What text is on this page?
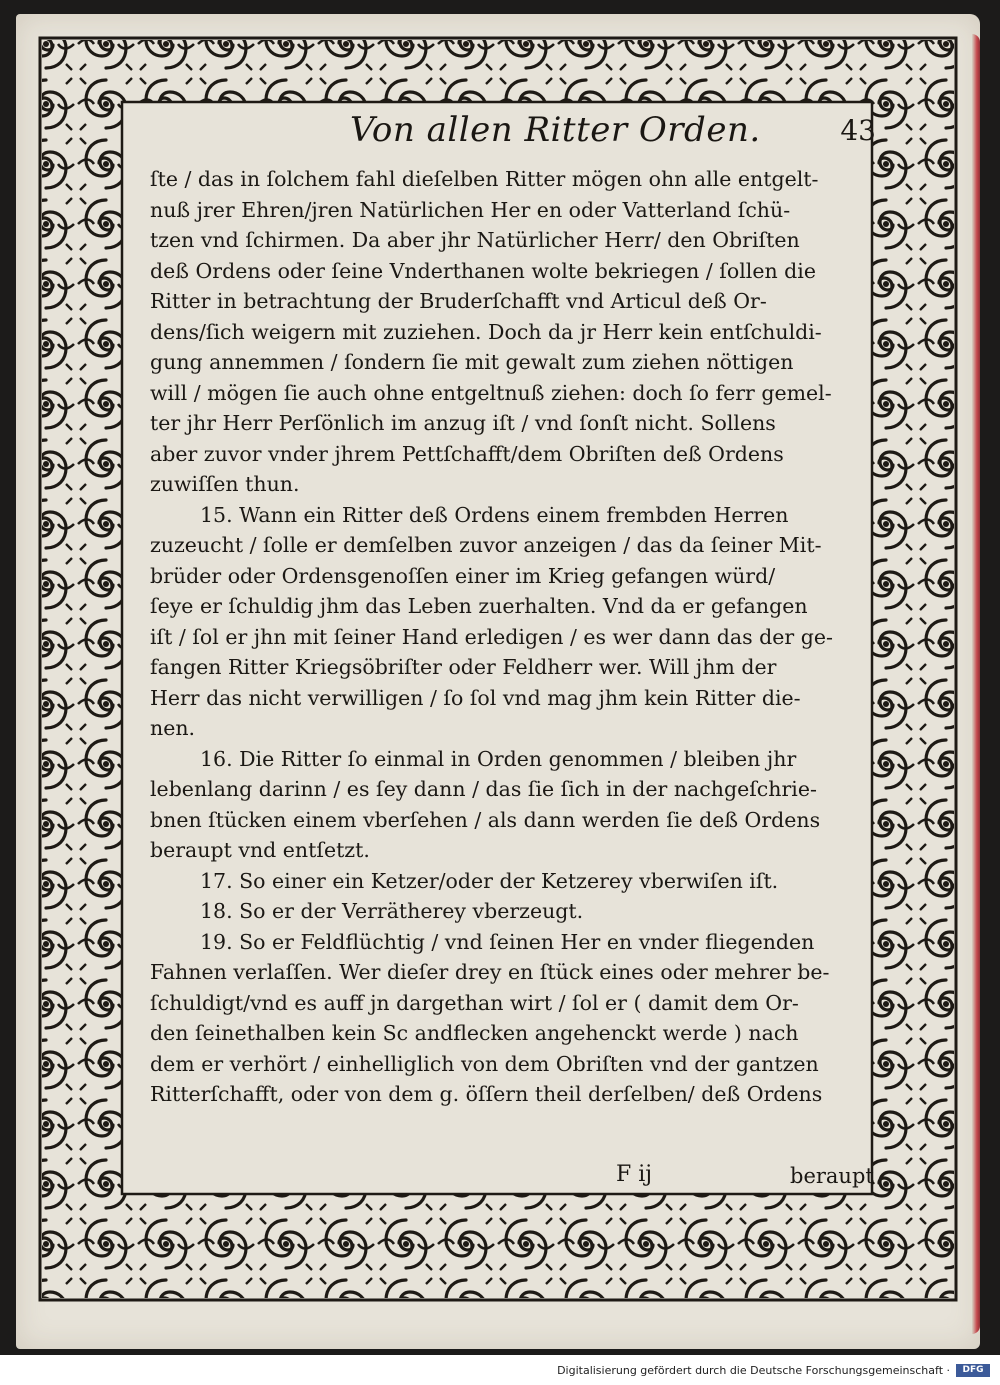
Von allen Ritter Orden.	43
ſte / das in ſolchem fahl dieſelben Ritter mögen ohn alle entgelt-
nuß jrer Ehren/jren Natürlichen Her en oder Vatterland ſchü-
tzen vnd ſchirmen. Da aber jhr Natürlicher Herr/ den Obriſten
deß Ordens oder ſeine Vnderthanen wolte bekriegen / ſollen die
Ritter in betrachtung der Bruderſchafft vnd Articul deß Or-
dens/ſich weigern mit zuziehen. Doch da jr Herr kein entſchuldi-
gung annemmen / ſondern ſie mit gewalt zum ziehen nöttigen
will / mögen ſie auch ohne entgeltnuß ziehen: doch ſo ferr gemel-
ter jhr Herr Perſönlich im anzug iſt / vnd ſonſt nicht. Sollens
aber zuvor vnder jhrem Pettſchafft/dem Obriſten deß Ordens
zuwiſſen thun.
15. Wann ein Ritter deß Ordens einem frembden Herren
zuzeucht / ſolle er demſelben zuvor anzeigen / das da ſeiner Mit-
brüder oder Ordensgenoſſen einer im Krieg gefangen würd/
ſeye er ſchuldig jhm das Leben zuerhalten. Vnd da er gefangen
iſt / ſol er jhn mit ſeiner Hand erledigen / es wer dann das der ge-
fangen Ritter Kriegsöbriſter oder Feldherr wer. Will jhm der
Herr das nicht verwilligen / ſo ſol vnd mag jhm kein Ritter die-
nen.
16. Die Ritter ſo einmal in Orden genommen / bleiben jhr
lebenlang darinn / es ſey dann / das ſie ſich in der nachgeſchrie-
bnen ſtücken einem vberſehen / als dann werden ſie deß Ordens
beraupt vnd entſetzt.
17. So einer ein Ketzer/oder der Ketzerey vberwiſen iſt.
18. So er der Verrätherey vberzeugt.
19. So er Feldflüchtig / vnd ſeinen Her en vnder fliegenden
Fahnen verlaſſen. Wer dieſer drey en ſtück eines oder mehrer be-
ſchuldigt/vnd es auff jn dargethan wirt / ſol er ( damit dem Or-
den ſeinethalben kein Sc andflecken angehenckt werde ) nach
dem er verhört / einhelliglich von dem Obriſten vnd der gantzen
Ritterſchafft, oder von dem g. öſſern theil derſelben/ deß Ordens
F ij	beraupt
Digitalisierung gefördert durch die Deutsche Forschungsgemeinschaft ·	DFG
